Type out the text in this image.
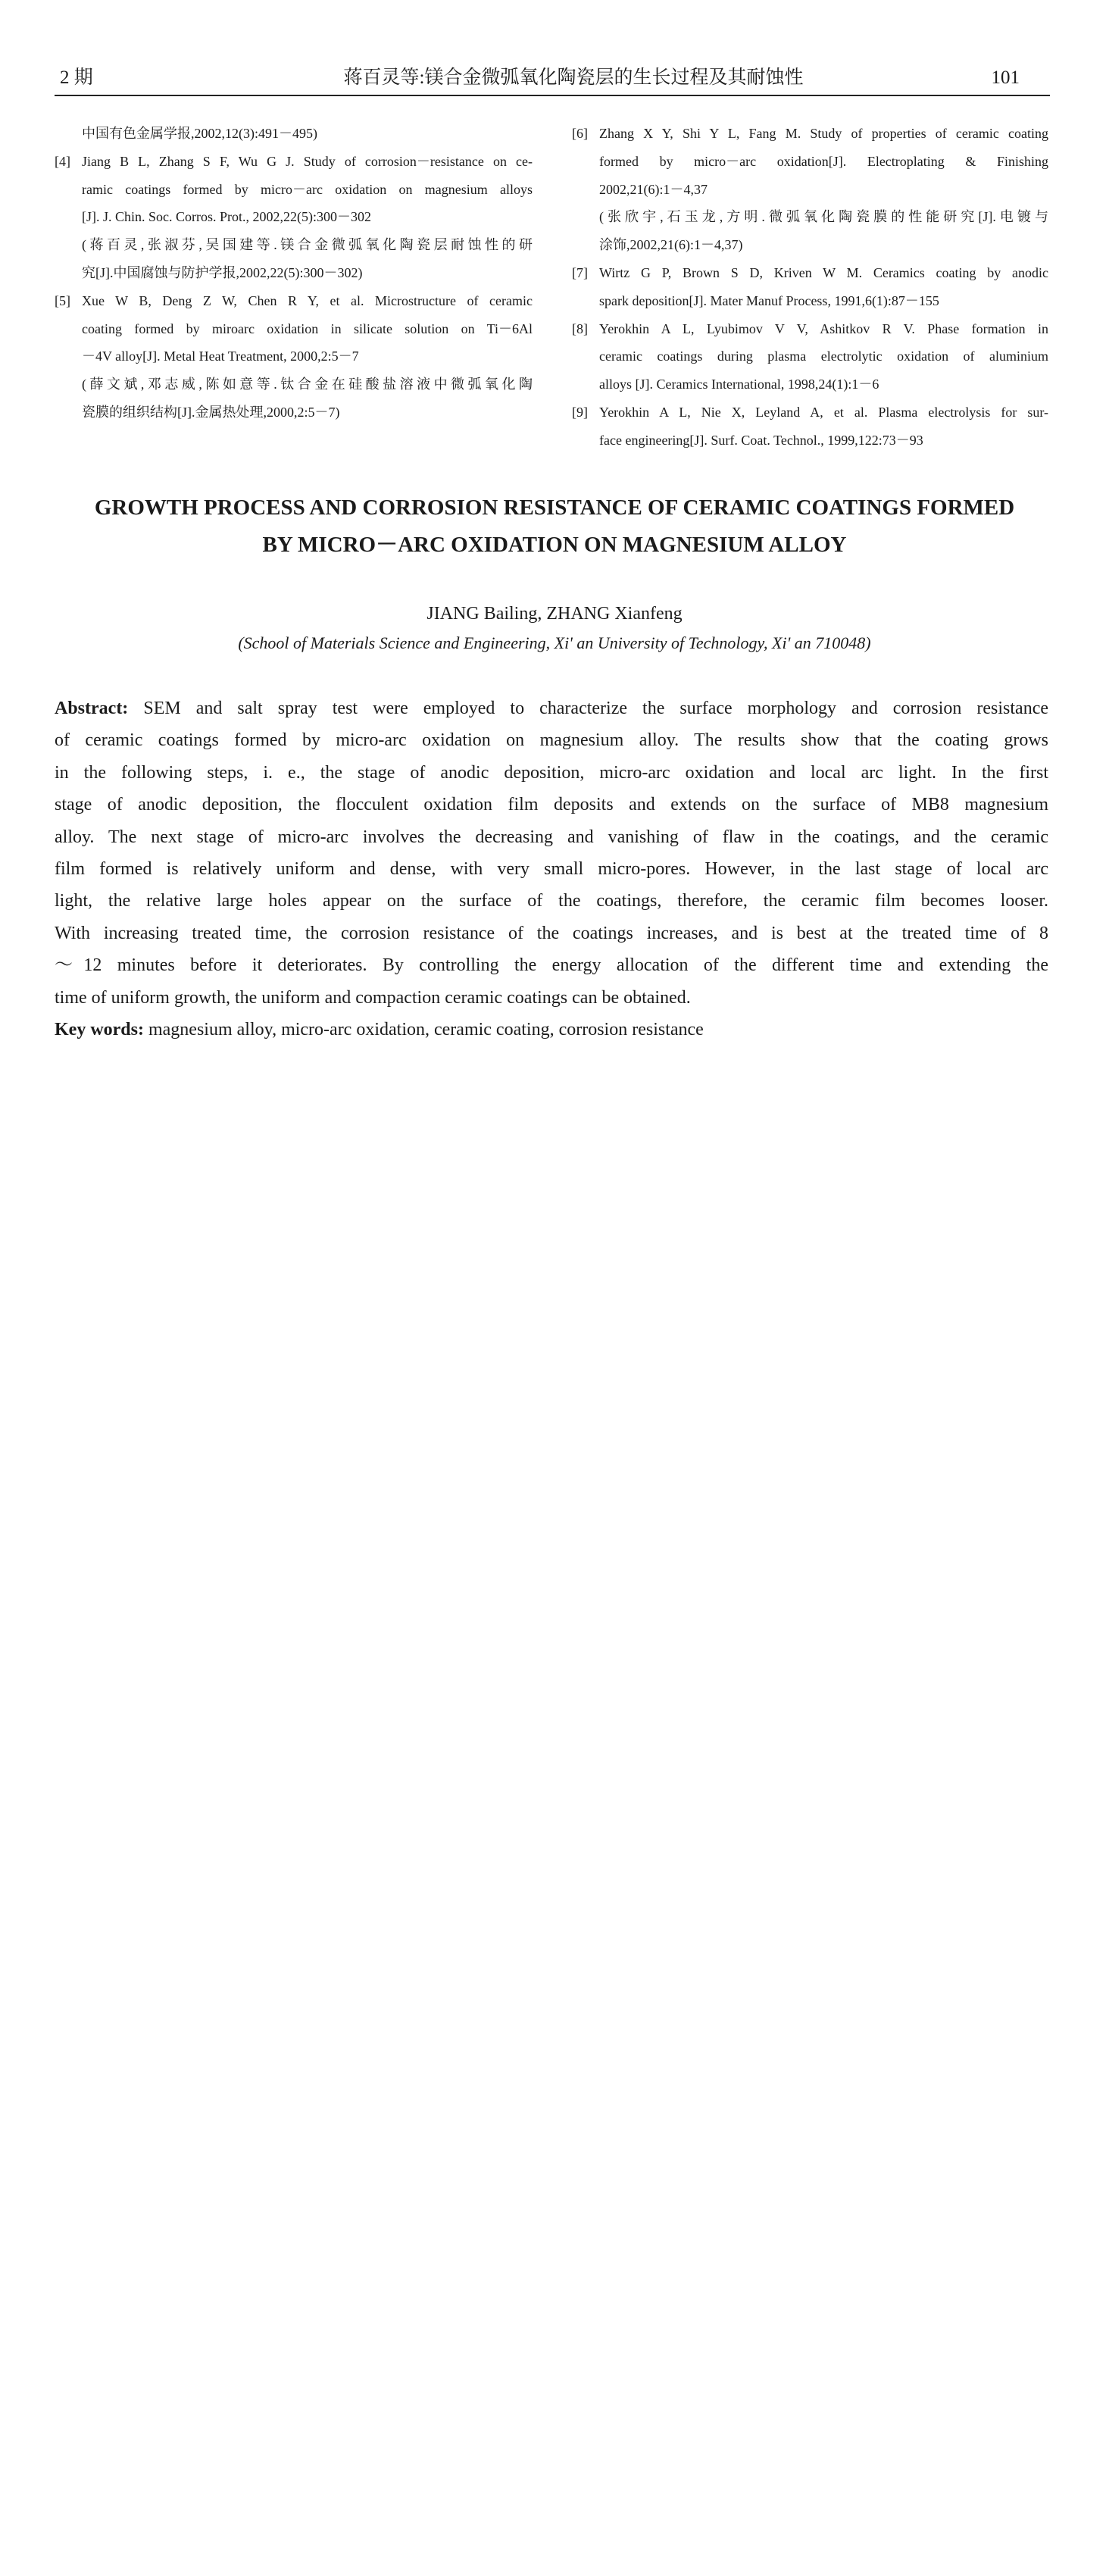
2 期	蒋百灵等:镁合金微弧氧化陶瓷层的生长过程及其耐蚀性	101
中国有色金属学报,2002,12(3):491－495)
[4] Jiang B L, Zhang S F, Wu G J. Study of corrosion－resistance on ce-
ramic coatings formed by micro－arc oxidation on magnesium alloys
[J]. J. Chin. Soc. Corros. Prot., 2002,22(5):300－302
(蒋百灵,张淑芬,吴国建等.镁合金微弧氧化陶瓷层耐蚀性的研
究[J].中国腐蚀与防护学报,2002,22(5):300－302)
[5] Xue W B, Deng Z W, Chen R Y, et al. Microstructure of ceramic
coating formed by miroarc oxidation in silicate solution on Ti－6Al
－4V alloy[J]. Metal Heat Treatment, 2000,2:5－7
(薛文斌,邓志威,陈如意等.钛合金在硅酸盐溶液中微弧氧化陶
瓷膜的组织结构[J].金属热处理,2000,2:5－7)
[6] Zhang X Y, Shi Y L, Fang M. Study of properties of ceramic coating
formed by micro－arc oxidation[J]. Electroplating & Finishing
2002,21(6):1－4,37
(张欣宇,石玉龙,方明.微弧氧化陶瓷膜的性能研究[J].电镀与
涂饰,2002,21(6):1－4,37)
[7] Wirtz G P, Brown S D, Kriven W M. Ceramics coating by anodic
spark deposition[J]. Mater Manuf Process, 1991,6(1):87－155
[8] Yerokhin A L, Lyubimov V V, Ashitkov R V. Phase formation in
ceramic coatings during plasma electrolytic oxidation of aluminium
alloys [J]. Ceramics International, 1998,24(1):1－6
[9] Yerokhin A L, Nie X, Leyland A, et al. Plasma electrolysis for sur-
face engineering[J]. Surf. Coat. Technol., 1999,122:73－93
GROWTH PROCESS AND CORROSION RESISTANCE OF CERAMIC COATINGS FORMED
BY MICRO－ARC OXIDATION ON MAGNESIUM ALLOY
JIANG Bailing, ZHANG Xianfeng
(School of Materials Science and Engineering, Xi' an University of Technology, Xi' an 710048)
Abstract: SEM and salt spray test were employed to characterize the surface morphology and corrosion resistance
of ceramic coatings formed by micro-arc oxidation on magnesium alloy. The results show that the coating grows
in the following steps, i. e., the stage of anodic deposition, micro-arc oxidation and local arc light. In the first
stage of anodic deposition, the flocculent oxidation film deposits and extends on the surface of MB8 magnesium
alloy. The next stage of micro-arc involves the decreasing and vanishing of flaw in the coatings, and the ceramic
film formed is relatively uniform and dense, with very small micro-pores. However, in the last stage of local arc
light, the relative large holes appear on the surface of the coatings, therefore, the ceramic film becomes looser.
With increasing treated time, the corrosion resistance of the coatings increases, and is best at the treated time of 8
～12 minutes before it deteriorates. By controlling the energy allocation of the different time and extending the
time of uniform growth, the uniform and compaction ceramic coatings can be obtained.
Key words: magnesium alloy, micro-arc oxidation, ceramic coating, corrosion resistance
